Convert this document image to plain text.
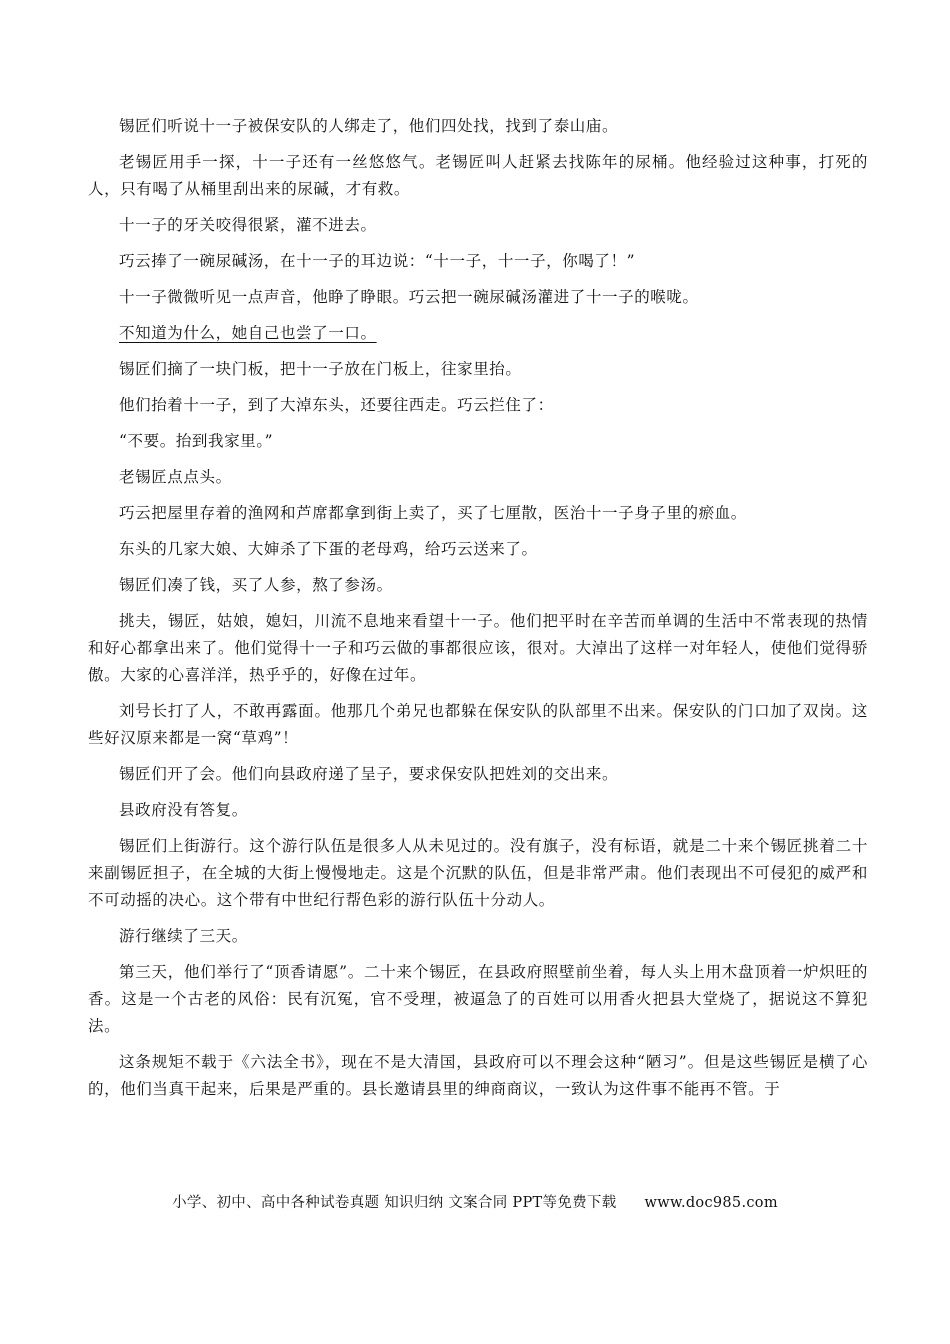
锡匠们听说十一子被保安队的人绑走了，他们四处找，找到了泰山庙。

老锡匠用手一探，十一子还有一丝悠悠气。老锡匠叫人赶紧去找陈年的尿桶。他经验过这种事，打死的人，只有喝了从桶里刮出来的尿碱，才有救。

十一子的牙关咬得很紧，灌不进去。

巧云捧了一碗尿碱汤，在十一子的耳边说：“十一子，十一子，你喝了！”

十一子微微听见一点声音，他睁了睁眼。巧云把一碗尿碱汤灌进了十一子的喉咙。

不知道为什么，她自己也尝了一口。

锡匠们摘了一块门板，把十一子放在门板上，往家里抬。

他们抬着十一子，到了大淖东头，还要往西走。巧云拦住了：

“不要。抬到我家里。”

老锡匠点点头。

巧云把屋里存着的渔网和芦席都拿到街上卖了，买了七厘散，医治十一子身子里的瘀血。

东头的几家大娘、大婶杀了下蛋的老母鸡，给巧云送来了。

锡匠们凑了钱，买了人参，熬了参汤。

挑夫，锡匠，姑娘，媳妇，川流不息地来看望十一子。他们把平时在辛苦而单调的生活中不常表现的热情和好心都拿出来了。他们觉得十一子和巧云做的事都很应该，很对。大淖出了这样一对年轻人，使他们觉得骄傲。大家的心喜洋洋，热乎乎的，好像在过年。

刘号长打了人，不敢再露面。他那几个弟兄也都躲在保安队的队部里不出来。保安队的门口加了双岗。这些好汉原来都是一窝“草鸡”！

锡匠们开了会。他们向县政府递了呈子，要求保安队把姓刘的交出来。

县政府没有答复。

锡匠们上街游行。这个游行队伍是很多人从未见过的。没有旗子，没有标语，就是二十来个锡匠挑着二十来副锡匠担子，在全城的大街上慢慢地走。这是个沉默的队伍，但是非常严肃。他们表现出不可侵犯的威严和不可动摇的决心。这个带有中世纪行帮色彩的游行队伍十分动人。

游行继续了三天。

第三天，他们举行了“顶香请愿”。二十来个锡匠，在县政府照壁前坐着，每人头上用木盘顶着一炉炽旺的香。这是一个古老的风俗：民有沉冤，官不受理，被逼急了的百姓可以用香火把县大堂烧了，据说这不算犯法。

这条规矩不载于《六法全书》，现在不是大清国，县政府可以不理会这种“陋习”。但是这些锡匠是横了心的，他们当真干起来，后果是严重的。县长邀请县里的绅商商议，一致认为这件事不能再不管。于

小学、初中、高中各种试卷真题 知识归纳 文案合同 PPT等免费下载 www.doc985.com
